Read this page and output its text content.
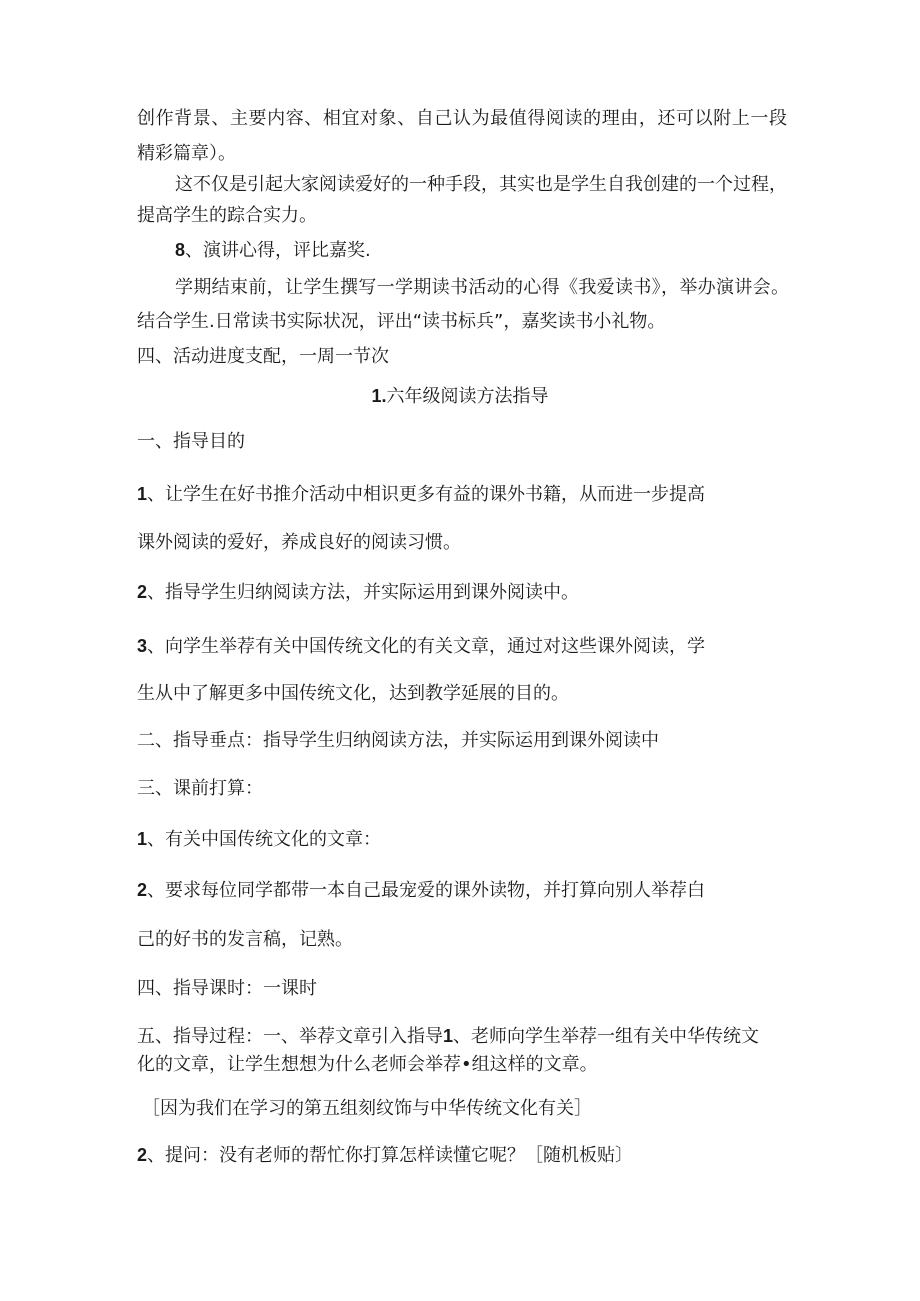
创作背景、主要内容、相宜对象、自己认为最值得阅读的理由，还可以附上一段
精彩篇章）。
这不仅是引起大家阅读爱好的一种手段，其实也是学生自我创建的一个过程，
提高学生的踪合实力。
8、演讲心得，评比嘉奖.
学期结束前，让学生撰写一学期读书活动的心得《我爱读书》，举办演讲会。
结合学生.日常读书实际状况，评出“读书标兵”，嘉奖读书小礼物。
四、活动进度支配，一周一节次
1.六年级阅读方法指导
一、指导目的
1、让学生在好书推介活动中相识更多有益的课外书籍，从而进一步提高
课外阅读的爱好，养成良好的阅读习惯。
2、指导学生归纳阅读方法，并实际运用到课外阅读中。
3、向学生举荐有关中国传统文化的有关文章，通过对这些课外阅读，学
生从中了解更多中国传统文化，达到教学延展的目的。
二、指导垂点：指导学生归纳阅读方法，并实际运用到课外阅读中
三、课前打算：
1、有关中国传统文化的文章：
2、要求每位同学都带一本自己最宠爱的课外读物，并打算向别人举荐白
己的好书的发言稿，记熟。
四、指导课时：一课时
五、指导过程：一、举荐文章引入指导1、老师向学生举荐一组有关中华传统文
化的文章，让学生想想为什么老师会举荐•组这样的文章。
［因为我们在学习的第五组刻纹饰与中华传统文化有关］
2、提问：没有老师的帮忙你打算怎样读懂它呢？［随机板贴〕
